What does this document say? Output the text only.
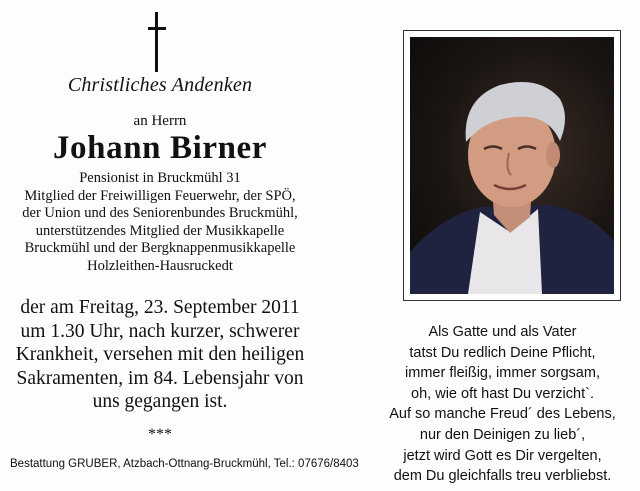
Christliches Andenken
an Herrn
Johann Birner
Pensionist in Bruckmühl 31
Mitglied der Freiwilligen Feuerwehr, der SPÖ,
der Union und des Seniorenbundes Bruckmühl,
unterstützendes Mitglied der Musikkapelle
Bruckmühl und der Bergknappenmusikkapelle
Holzleithen-Hausruckedt
der am Freitag, 23. September 2011
um 1.30 Uhr, nach kurzer, schwerer
Krankheit, versehen mit den heiligen
Sakramenten, im 84. Lebensjahr von
uns gegangen ist.
***
Bestattung GRUBER, Atzbach-Ottnang-Bruckmühl, Tel.: 07676/8403
Als Gatte und als Vater
tatst Du redlich Deine Pflicht,
immer fleißig, immer sorgsam,
oh, wie oft hast Du verzicht`.
Auf so manche Freud´ des Lebens,
nur den Deinigen zu lieb´,
jetzt wird Gott es Dir vergelten,
dem Du gleichfalls treu verbliebst.
